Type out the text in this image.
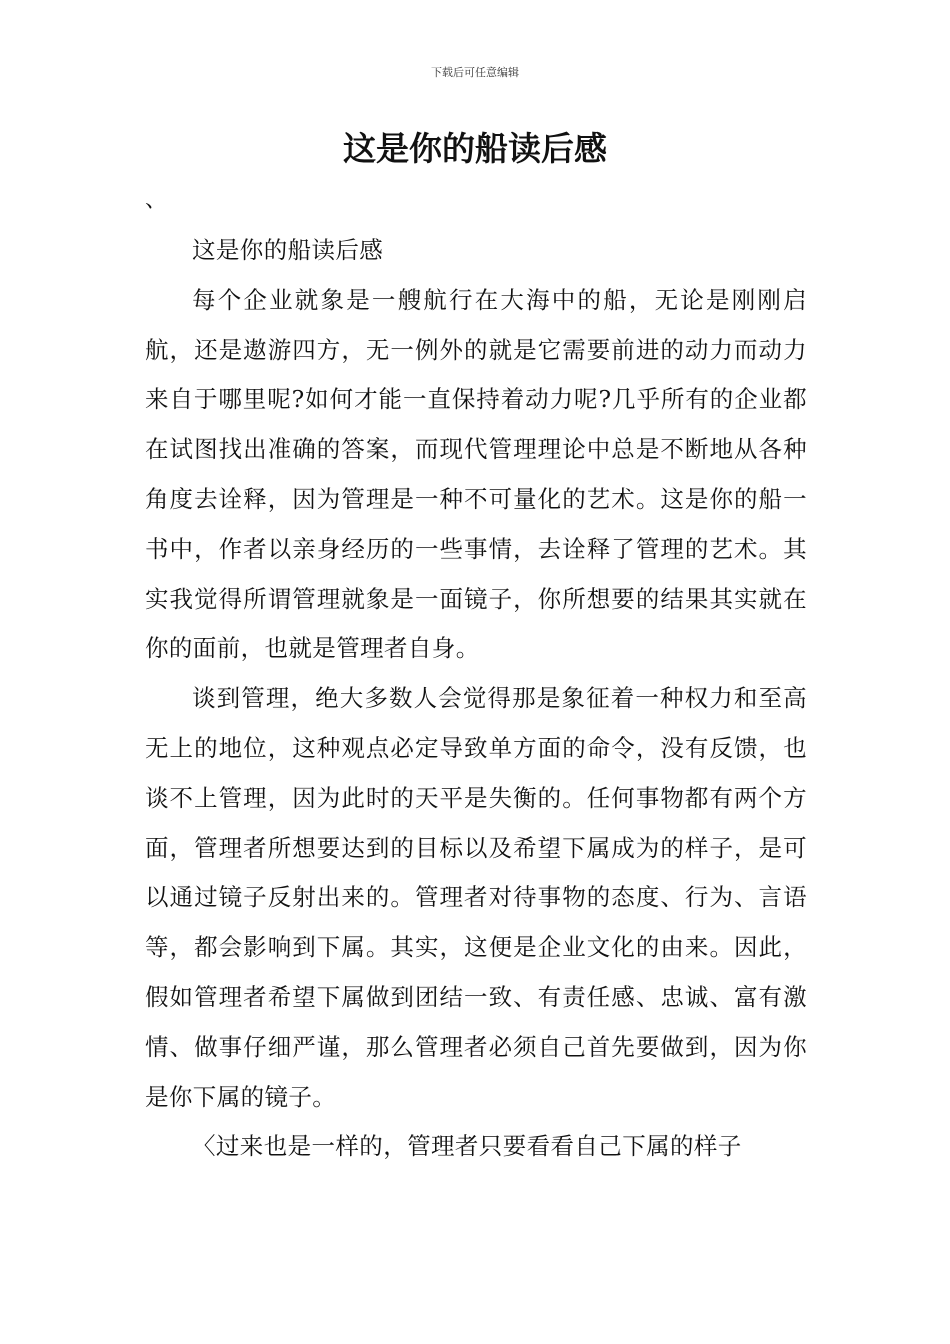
下载后可任意编辑
这是你的船读后感
、

这是你的船读后感

每个企业就象是一艘航行在大海中的船，无论是刚刚启航，还是遨游四方，无一例外的就是它需要前进的动力而动力来自于哪里呢?如何才能一直保持着动力呢?几乎所有的企业都在试图找出准确的答案，而现代管理理论中总是不断地从各种角度去诠释，因为管理是一种不可量化的艺术。这是你的船一书中，作者以亲身经历的一些事情，去诠释了管理的艺术。其实我觉得所谓管理就象是一面镜子，你所想要的结果其实就在你的面前，也就是管理者自身。

谈到管理，绝大多数人会觉得那是象征着一种权力和至高无上的地位，这种观点必定导致单方面的命令，没有反馈，也谈不上管理，因为此时的天平是失衡的。任何事物都有两个方面，管理者所想要达到的目标以及希望下属成为的样子，是可以通过镜子反射出来的。管理者对待事物的态度、行为、言语等，都会影响到下属。其实，这便是企业文化的由来。因此，假如管理者希望下属做到团结一致、有责任感、忠诚、富有激情、做事仔细严谨，那么管理者必须自己首先要做到，因为你是你下属的镜子。

〈过来也是一样的，管理者只要看看自己下属的样子
